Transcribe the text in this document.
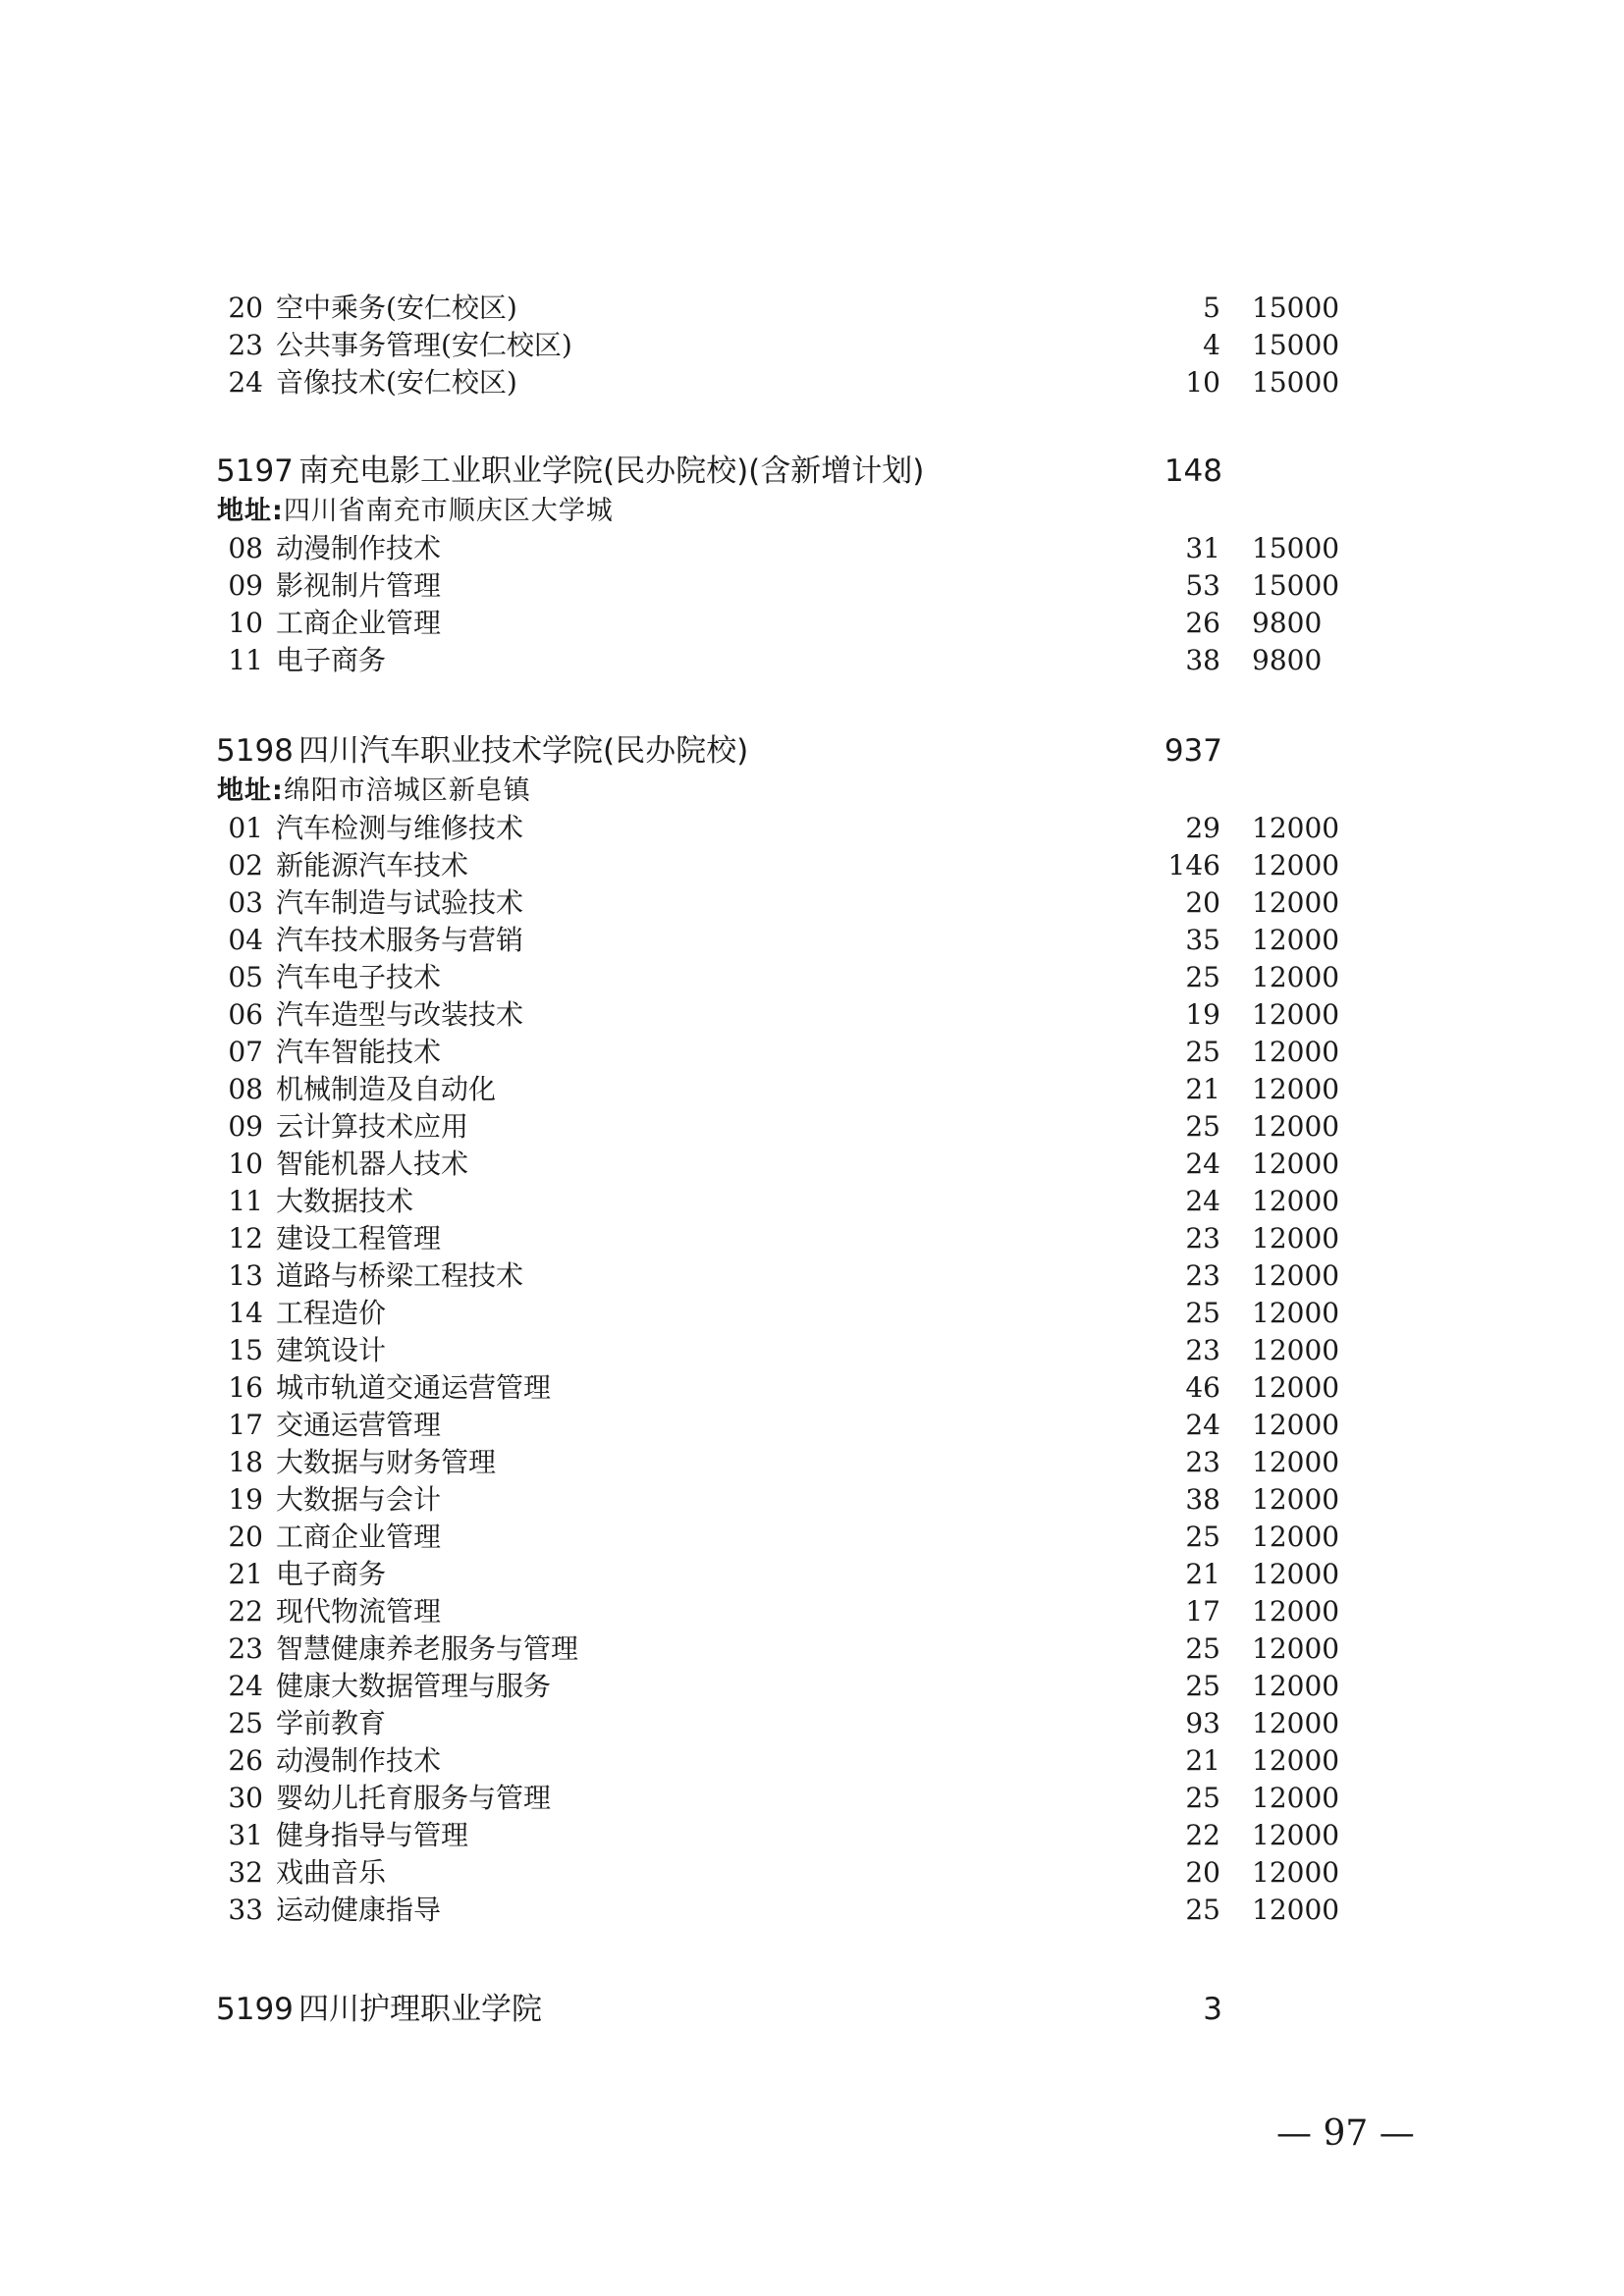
20 空中乘务(安仁校区)	5 15000
23 公共事务管理(安仁校区)	4 15000
24 音像技术(安仁校区)	10 15000
5197 南充电影工业职业学院(民办院校)(含新增计划)	148
地址:四川省南充市顺庆区大学城
08 动漫制作技术	31 15000
09 影视制片管理	53 15000
10 工商企业管理	26 9800
11 电子商务	38 9800
5198 四川汽车职业技术学院(民办院校)	937
地址:绵阳市涪城区新皂镇
01 汽车检测与维修技术	29 12000
02 新能源汽车技术	146 12000
03 汽车制造与试验技术	20 12000
04 汽车技术服务与营销	35 12000
05 汽车电子技术	25 12000
06 汽车造型与改装技术	19 12000
07 汽车智能技术	25 12000
08 机械制造及自动化	21 12000
09 云计算技术应用	25 12000
10 智能机器人技术	24 12000
11 大数据技术	24 12000
12 建设工程管理	23 12000
13 道路与桥梁工程技术	23 12000
14 工程造价	25 12000
15 建筑设计	23 12000
16 城市轨道交通运营管理	46 12000
17 交通运营管理	24 12000
18 大数据与财务管理	23 12000
19 大数据与会计	38 12000
20 工商企业管理	25 12000
21 电子商务	21 12000
22 现代物流管理	17 12000
23 智慧健康养老服务与管理	25 12000
24 健康大数据管理与服务	25 12000
25 学前教育	93 12000
26 动漫制作技术	21 12000
30 婴幼儿托育服务与管理	25 12000
31 健身指导与管理	22 12000
32 戏曲音乐	20 12000
33 运动健康指导	25 12000
5199 四川护理职业学院	3
— 97 —
